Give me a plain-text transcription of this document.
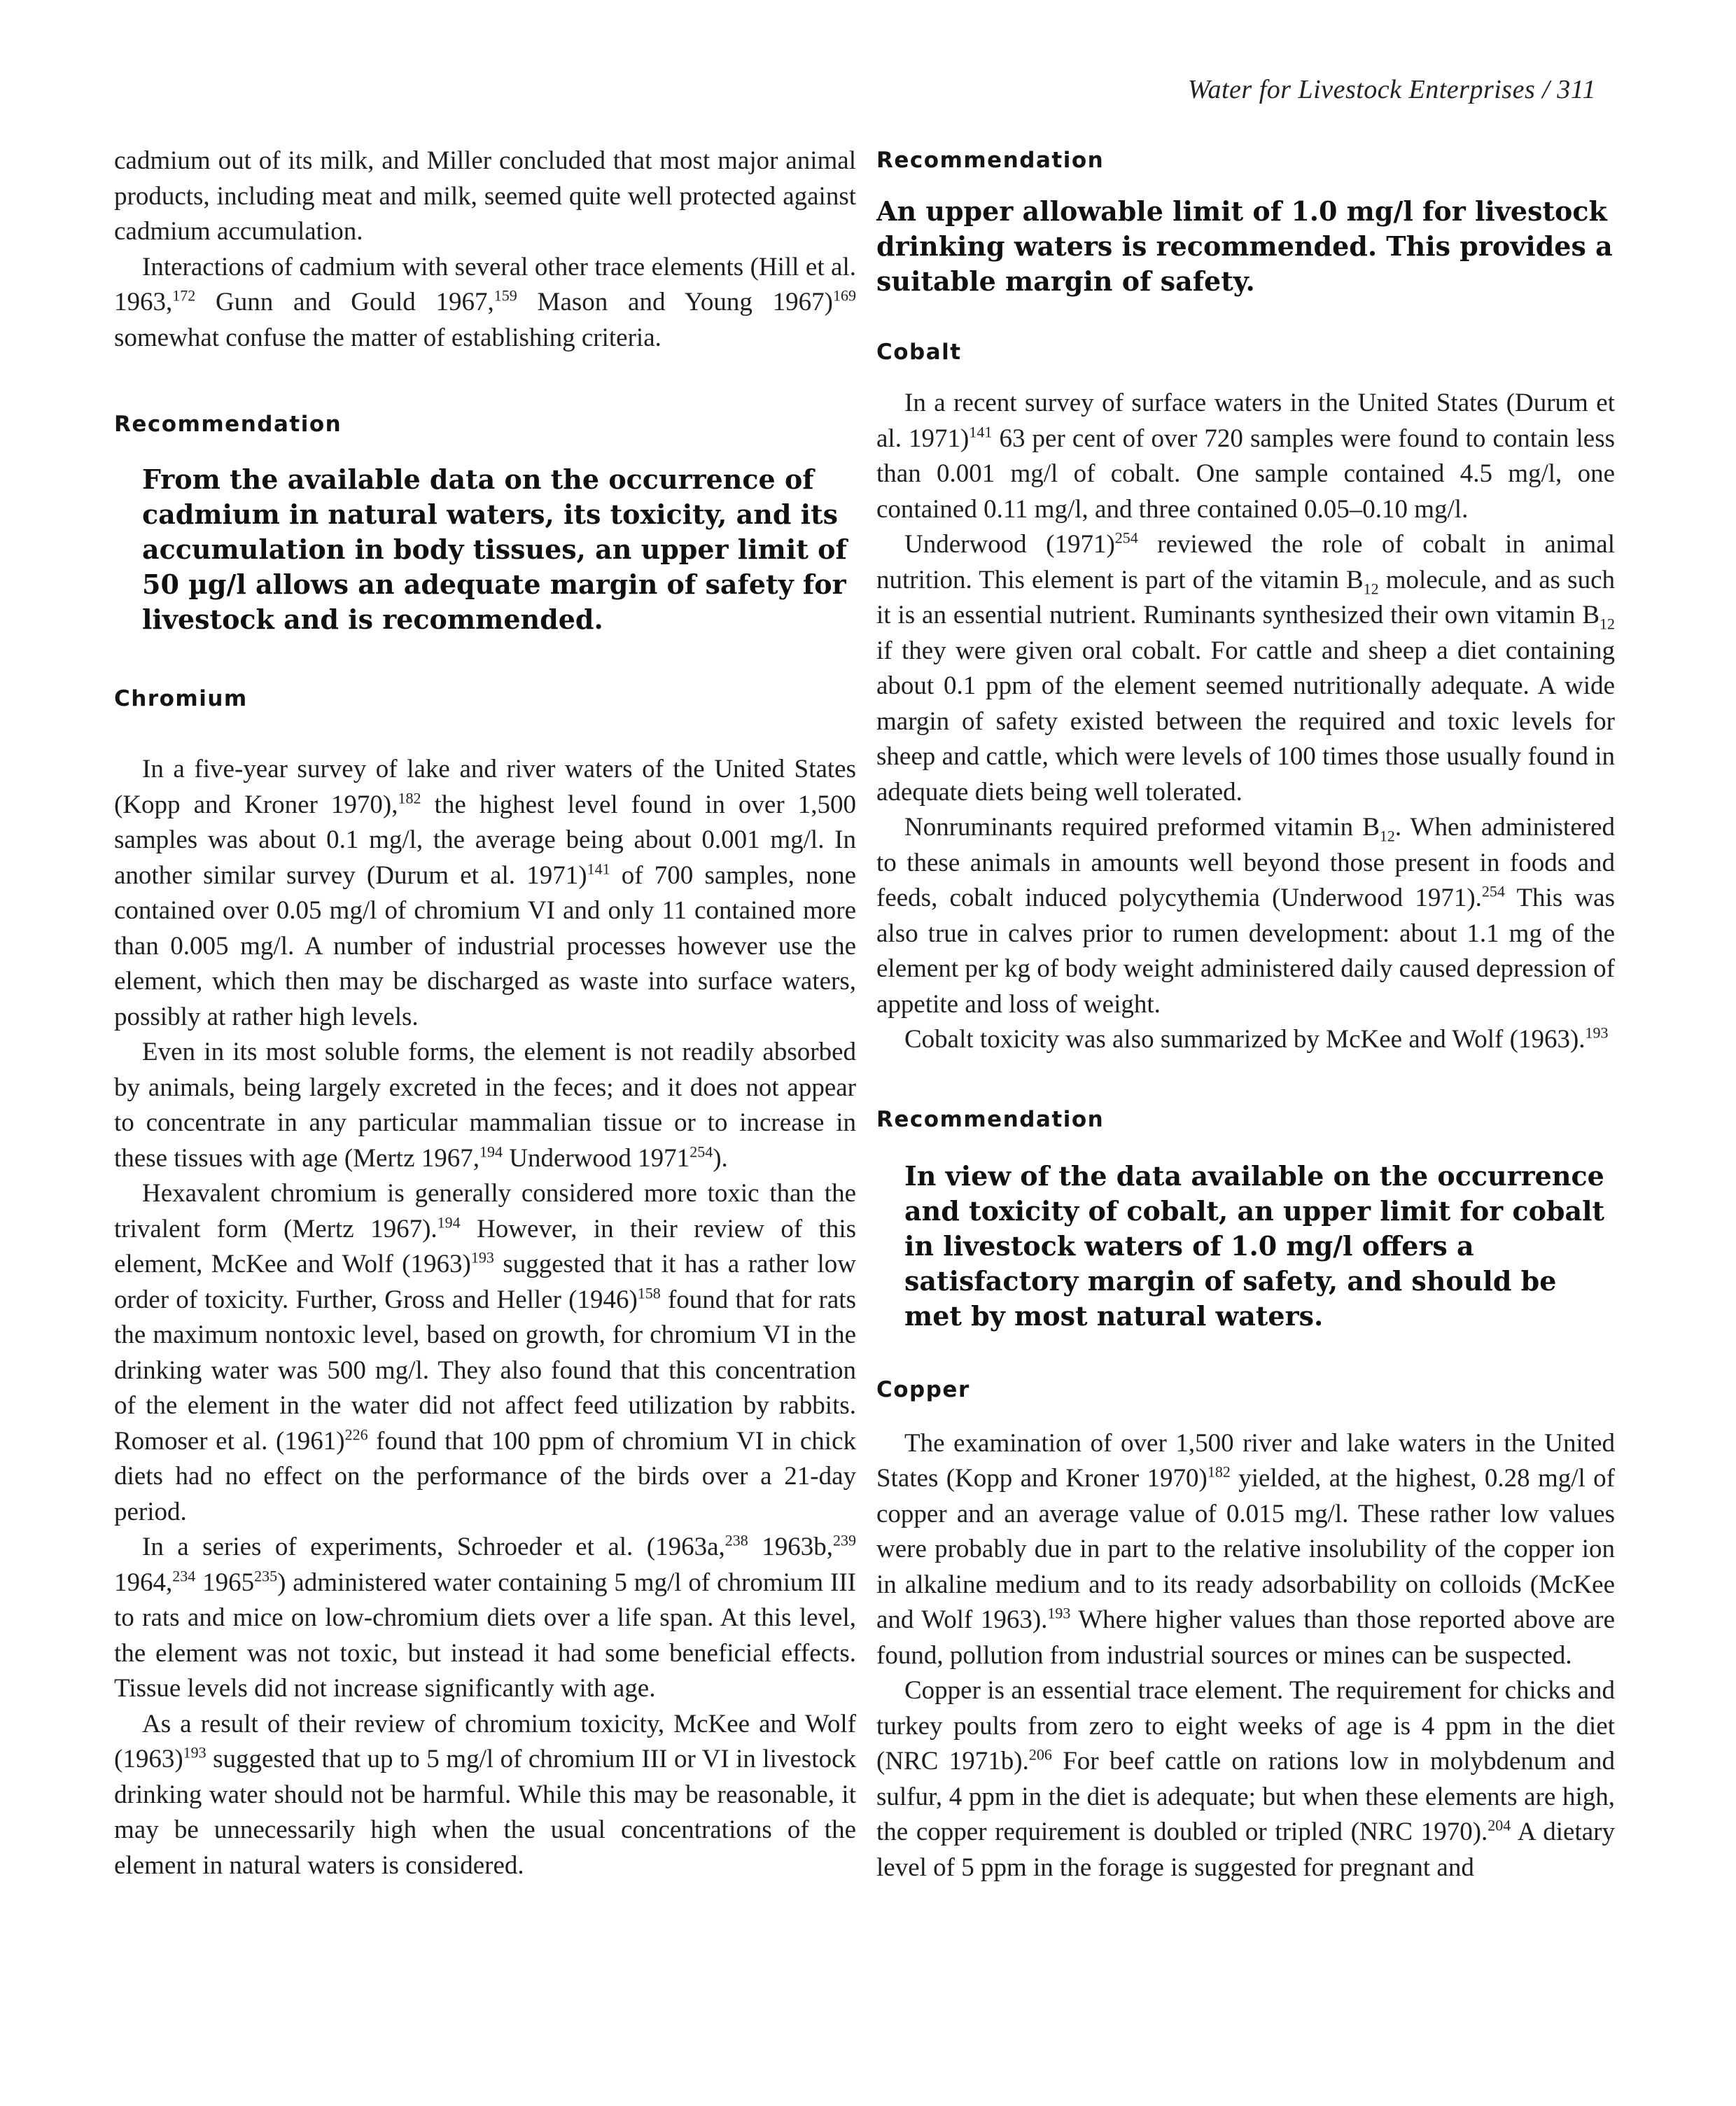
Water for Livestock Enterprises / 311

cadmium out of its milk, and Miller concluded that most major animal products, including meat and milk, seemed quite well protected against cadmium accumulation.

Interactions of cadmium with several other trace elements (Hill et al. 1963,$^{172}$ Gunn and Gould 1967,$^{159}$ Mason and Young 1967)$^{169}$ somewhat confuse the matter of establishing criteria.

Recommendation

From the available data on the occurrence of cadmium in natural waters, its toxicity, and its accumulation in body tissues, an upper limit of 50 µg/l allows an adequate margin of safety for livestock and is recommended.

Chromium

In a five-year survey of lake and river waters of the United States (Kopp and Kroner 1970),$^{182}$ the highest level found in over 1,500 samples was about 0.1 mg/l, the average being about 0.001 mg/l. In another similar survey (Durum et al. 1971)$^{141}$ of 700 samples, none contained over 0.05 mg/l of chromium VI and only 11 contained more than 0.005 mg/l. A number of industrial processes however use the element, which then may be discharged as waste into surface waters, possibly at rather high levels.

Even in its most soluble forms, the element is not readily absorbed by animals, being largely excreted in the feces; and it does not appear to concentrate in any particular mammalian tissue or to increase in these tissues with age (Mertz 1967,$^{194}$ Underwood 1971$^{254}$).

Hexavalent chromium is generally considered more toxic than the trivalent form (Mertz 1967).$^{194}$ However, in their review of this element, McKee and Wolf $(1963)^{193}$ suggested that it has a rather low order of toxicity. Further, Gross and Heller $(1946)^{158}$ found that for rats the maximum nontoxic level, based on growth, for chromium VI in the drinking water was 500 mg/l. They also found that this concentration of the element in the water did not affect feed utilization by rabbits. Romoser et al. $(1961)^{226}$ found that 100 ppm of chromium VI in chick diets had no effect on the performance of the birds over a 21-day period.

In a series of experiments, Schroeder et al. (1963a,$^{238}$ 1963b,$^{239}$ 1964,$^{234}$ 1965$^{235}$) administered water containing 5 mg/l of chromium III to rats and mice on low-chromium diets over a life span. At this level, the element was not toxic, but instead it had some beneficial effects. Tissue levels did not increase significantly with age.

As a result of their review of chromium toxicity, McKee and Wolf $(1963)^{193}$ suggested that up to 5 mg/l of chromium III or VI in livestock drinking water should not be harmful. While this may be reasonable, it may be unnecessarily high when the usual concentrations of the element in natural waters is considered.

Recommendation

An upper allowable limit of 1.0 mg/l for livestock drinking waters is recommended. This provides a suitable margin of safety.

Cobalt

In a recent survey of surface waters in the United States (Durum et al. 1971)$^{141}$ 63 per cent of over 720 samples were found to contain less than 0.001 mg/l of cobalt. One sample contained 4.5 mg/l, one contained 0.11 mg/l, and three contained 0.05–0.10 mg/l.

Underwood $(1971)^{254}$ reviewed the role of cobalt in animal nutrition. This element is part of the vitamin $B_{12}$ molecule, and as such it is an essential nutrient. Ruminants synthesized their own vitamin $B_{12}$ if they were given oral cobalt. For cattle and sheep a diet containing about 0.1 ppm of the element seemed nutritionally adequate. A wide margin of safety existed between the required and toxic levels for sheep and cattle, which were levels of 100 times those usually found in adequate diets being well tolerated.

Nonruminants required preformed vitamin $B_{12}$. When administered to these animals in amounts well beyond those present in foods and feeds, cobalt induced polycythemia (Underwood 1971).$^{254}$ This was also true in calves prior to rumen development: about 1.1 mg of the element per kg of body weight administered daily caused depression of appetite and loss of weight.

Cobalt toxicity was also summarized by McKee and Wolf (1963).$^{193}$

Recommendation

In view of the data available on the occurrence and toxicity of cobalt, an upper limit for cobalt in livestock waters of 1.0 mg/l offers a satisfactory margin of safety, and should be met by most natural waters.

Copper

The examination of over 1,500 river and lake waters in the United States (Kopp and Kroner 1970)$^{182}$ yielded, at the highest, 0.28 mg/l of copper and an average value of 0.015 mg/l. These rather low values were probably due in part to the relative insolubility of the copper ion in alkaline medium and to its ready adsorbability on colloids (McKee and Wolf 1963).$^{193}$ Where higher values than those reported above are found, pollution from industrial sources or mines can be suspected.

Copper is an essential trace element. The requirement for chicks and turkey poults from zero to eight weeks of age is 4 ppm in the diet (NRC 1971b).$^{206}$ For beef cattle on rations low in molybdenum and sulfur, 4 ppm in the diet is adequate; but when these elements are high, the copper requirement is doubled or tripled (NRC 1970).$^{204}$ A dietary level of 5 ppm in the forage is suggested for pregnant and
